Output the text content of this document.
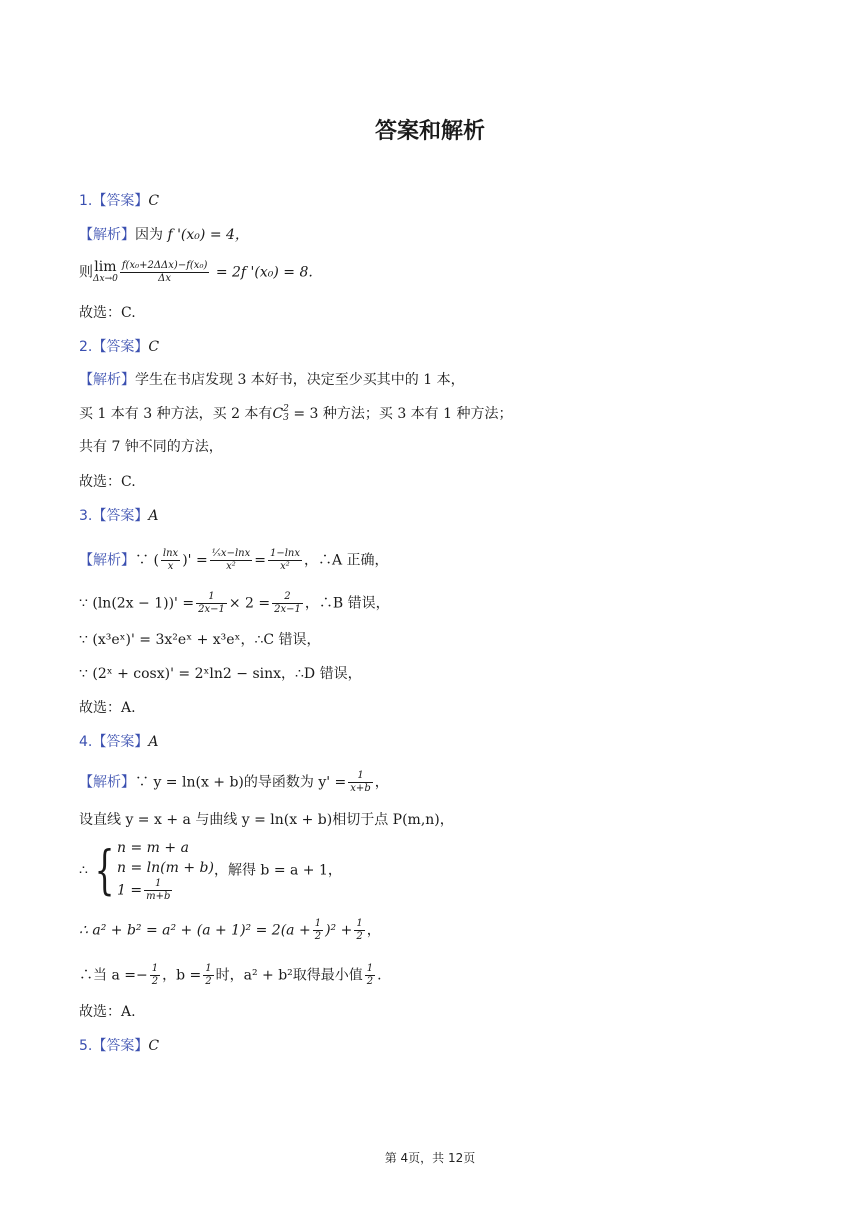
答案和解析
1.【答案】C
【解析】因为 f '(x₀) = 4，
则 lim
$\Delta x\to 0 \frac{\text{f(x₀+2ΔΔx)−f(x₀)}}{\Delta x} = 2f$ '(x₀) = 8.
故选：C.
2.【答案】C
【解析】学生在书店发现 3 本好书，决定至少买其中的 1 本，
买 1 本有 3 种方法，买 2 本有C 2
3 = 3 种方法；买 3 本有 1 种方法；
共有 7 钟不同的方法，
故选：C.
3.【答案】A
【解析】∵ ( $\frac{\ln x}{x}$ )' = $\frac{\text{¹⁄ₓx−lnx}}{\text{x²}} = \frac{1-\ln x}{\text{x²}}$ ，∴A 正确，
∵ $(\ln(2x - 1))' = \frac{1}{2x-1} \times 2 = \frac{2}{2x-1}$ ，∴B 错误，
∵ (x³eˣ)' = 3x²eˣ + x³eˣ，∴C 错误，
∵ (2ˣ + cosx)' = 2ˣln2 − sinx，∴D 错误，
故选：A.
4.【答案】A
【解析】∵ y = ln(x + b)的导函数为 $y' = \frac{1}{x+b}$ ，
设直线 y = x + a 与曲线 y = ln(x + b)相切于点 P(m,n)，
∴ { n = m + a
n = ln(m + b)
$1 = \frac{1}{m+b}$
，解得 b = a + 1，
∴ $a^2 + b^2 = a^2 + (a + 1)^2 = 2(a + \frac{1}{2} )^2 + \frac{1}{2}$ ，
∴当 $a =- \frac{1}{2}$ ，$b = \frac{1}{2}$ 时，a² + b²取得最小值 $\frac{1}{2}$ .
故选：A.
5.【答案】C
第 4页，共 12页
